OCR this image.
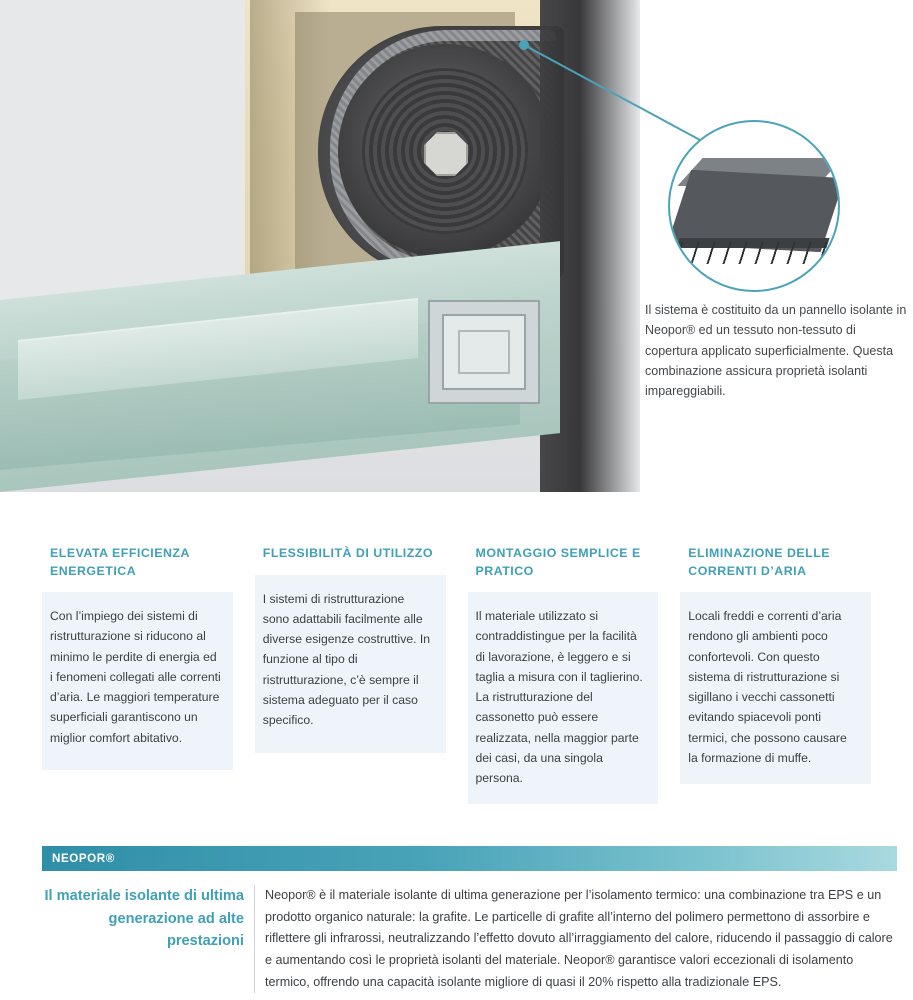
Il sistema è costituito da un pannello isolante in Neopor® ed un tessuto non-tessuto di copertura applicato superficialmente. Questa combinazione assicura proprietà isolanti impareggiabili.
ELEVATA EFFICIENZA ENERGETICA

Con l’impiego dei sistemi di ristrutturazione si riducono al minimo le perdite di energia ed i fenomeni collegati alle correnti d’aria. Le maggiori temperature superficiali garantiscono un miglior comfort abitativo.

FLESSIBILITÀ DI UTILIZZO

I sistemi di ristrutturazione sono adattabili facilmente alle diverse esigenze costruttive. In funzione al tipo di ristrutturazione, c’è sempre il sistema adeguato per il caso specifico.

MONTAGGIO SEMPLICE E PRATICO

Il materiale utilizzato si contraddistingue per la facilità di lavorazione, è leggero e si taglia a misura con il taglierino. La ristrutturazione del cassonetto può essere realizzata, nella maggior parte dei casi, da una singola persona.

ELIMINAZIONE DELLE CORRENTI D’ARIA

Locali freddi e correnti d’aria rendono gli ambienti poco confortevoli. Con questo sistema di ristrutturazione si sigillano i vecchi cassonetti evitando spiacevoli ponti termici, che possono causare la formazione di muffe.

NEOPOR®
Il materiale isolante di ultima generazione ad alte prestazioni

Neopor® è il materiale isolante di ultima generazione per l’isolamento termico: una combinazione tra EPS e un prodotto organico naturale: la grafite. Le particelle di grafite all’interno del polimero permettono di assorbire e riflettere gli infrarossi, neutralizzando l’effetto dovuto all’irraggiamento del calore, riducendo il passaggio di calore e aumentando così le proprietà isolanti del materiale. Neopor® garantisce valori eccezionali di isolamento termico, offrendo una capacità isolante migliore di quasi il 20% rispetto alla tradizionale EPS.
